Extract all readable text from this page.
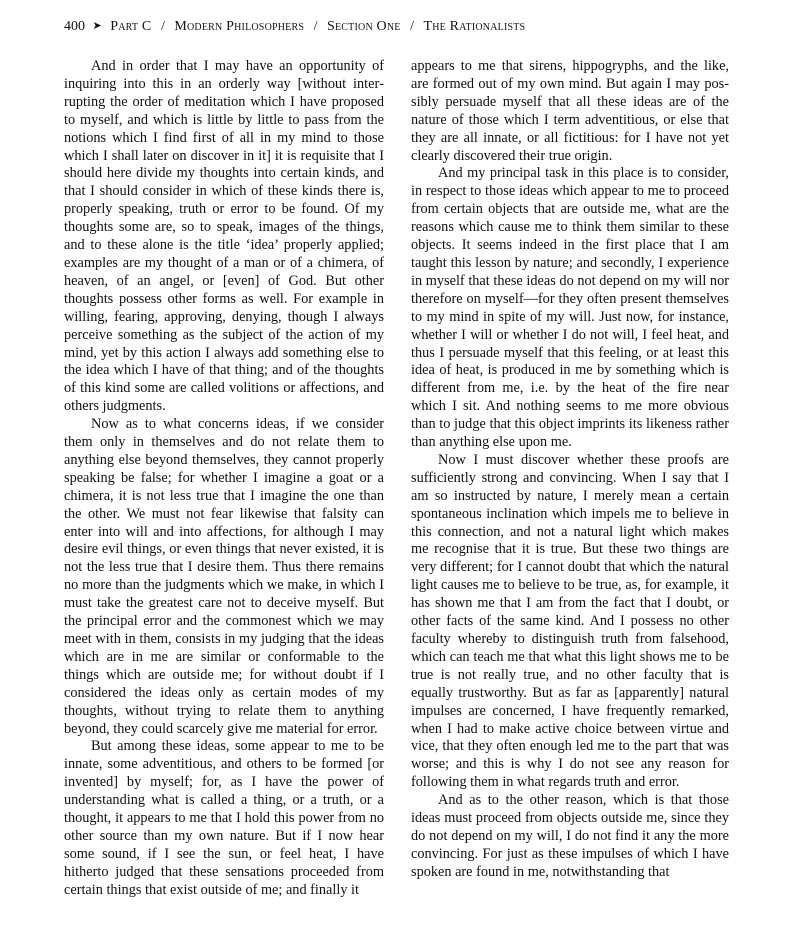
400 ➤ Part C / Modern Philosophers / Section One / The Rationalists

And in order that I may have an opportunity of inquiring into this in an orderly way [without interrupting the order of meditation which I have proposed to myself, and which is little by little to pass from the notions which I find first of all in my mind to those which I shall later on discover in it] it is requisite that I should here divide my thoughts into certain kinds, and that I should consider in which of these kinds there is, properly speaking, truth or error to be found. Of my thoughts some are, so to speak, images of the things, and to these alone is the title ‘idea’ properly applied; examples are my thought of a man or of a chimera, of heaven, of an angel, or [even] of God. But other thoughts possess other forms as well. For example in willing, fearing, approving, denying, though I always perceive something as the subject of the action of my mind, yet by this action I always add something else to the idea which I have of that thing; and of the thoughts of this kind some are called volitions or affections, and others judgments.

Now as to what concerns ideas, if we consider them only in themselves and do not relate them to anything else beyond themselves, they cannot properly speaking be false; for whether I imagine a goat or a chimera, it is not less true that I imagine the one than the other. We must not fear likewise that falsity can enter into will and into affections, for although I may desire evil things, or even things that never existed, it is not the less true that I desire them. Thus there remains no more than the judgments which we make, in which I must take the greatest care not to deceive myself. But the principal error and the commonest which we may meet with in them, consists in my judging that the ideas which are in me are similar or conformable to the things which are outside me; for without doubt if I considered the ideas only as certain modes of my thoughts, without trying to relate them to anything beyond, they could scarcely give me material for error.

But among these ideas, some appear to me to be innate, some adventitious, and others to be formed [or invented] by myself; for, as I have the power of understanding what is called a thing, or a truth, or a thought, it appears to me that I hold this power from no other source than my own nature. But if I now hear some sound, if I see the sun, or feel heat, I have hitherto judged that these sensations proceeded from certain things that exist outside of me; and finally it

appears to me that sirens, hippogryphs, and the like, are formed out of my own mind. But again I may possibly persuade myself that all these ideas are of the nature of those which I term adventitious, or else that they are all innate, or all fictitious: for I have not yet clearly discovered their true origin.

And my principal task in this place is to consider, in respect to those ideas which appear to me to proceed from certain objects that are outside me, what are the reasons which cause me to think them similar to these objects. It seems indeed in the first place that I am taught this lesson by nature; and secondly, I experience in myself that these ideas do not depend on my will nor therefore on myself—for they often present themselves to my mind in spite of my will. Just now, for instance, whether I will or whether I do not will, I feel heat, and thus I persuade myself that this feeling, or at least this idea of heat, is produced in me by something which is different from me, i.e. by the heat of the fire near which I sit. And nothing seems to me more obvious than to judge that this object imprints its likeness rather than anything else upon me.

Now I must discover whether these proofs are sufficiently strong and convincing. When I say that I am so instructed by nature, I merely mean a certain spontaneous inclination which impels me to believe in this connection, and not a natural light which makes me recognise that it is true. But these two things are very different; for I cannot doubt that which the natural light causes me to believe to be true, as, for example, it has shown me that I am from the fact that I doubt, or other facts of the same kind. And I possess no other faculty whereby to distinguish truth from falsehood, which can teach me that what this light shows me to be true is not really true, and no other faculty that is equally trustworthy. But as far as [apparently] natural impulses are concerned, I have frequently remarked, when I had to make active choice between virtue and vice, that they often enough led me to the part that was worse; and this is why I do not see any reason for following them in what regards truth and error.

And as to the other reason, which is that those ideas must proceed from objects outside me, since they do not depend on my will, I do not find it any the more convincing. For just as these impulses of which I have spoken are found in me, notwithstanding that
